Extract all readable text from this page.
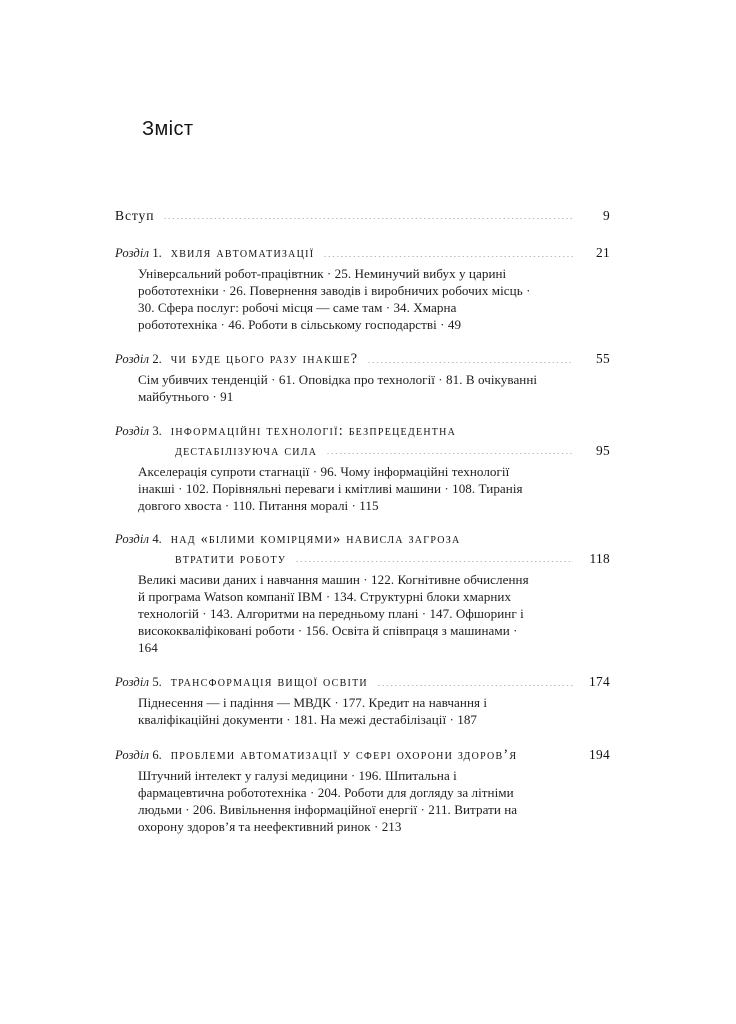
Зміст
Вступ	9
Розділ 1. хвиля автоматизації	21
Універсальний робот-працівтник · 25. Неминучий вибух у царині робототехніки · 26. Повернення заводів і виробничих робочих місць · 30. Сфера послуг: робочі місця — саме там · 34. Хмарна робототехніка · 46. Роботи в сільському господарстві · 49
Розділ 2. чи буде цього разу інакше?	55
Сім убивчих тенденцій · 61. Оповідка про технології · 81. В очікуванні майбутнього · 91
Розділ 3. інформаційні технології: безпрецедентна
дестабілізуюча сила	95
Акселерація супроти стагнації · 96. Чому інформаційні технології інакші · 102. Порівняльні переваги і кмітливі машини · 108. Тиранія довгого хвоста · 110. Питання моралі · 115
Розділ 4. над «білими комірцями» нависла загроза
втратити роботу	118
Великі масиви даних і навчання машин · 122. Когнітивне обчислення й програма Watson компанії IBM · 134. Структурні блоки хмарних технологій · 143. Алгоритми на передньому плані · 147. Офшоринг і висококваліфіковані роботи · 156. Освіта й співпраця з машинами · 164
Розділ 5. трансформація вищої освіти	174
Піднесення — і падіння — МВДК · 177. Кредит на навчання і кваліфікаційні документи · 181. На межі дестабілізації · 187
Розділ 6. проблеми автоматизації у сфері охорони здоров’я	194
Штучний інтелект у галузі медицини · 196. Шпитальна і фармацевтична робототехніка · 204. Роботи для догляду за літніми людьми · 206. Вивільнення інформаційної енергії · 211. Витрати на охорону здоров’я та неефективний ринок · 213
